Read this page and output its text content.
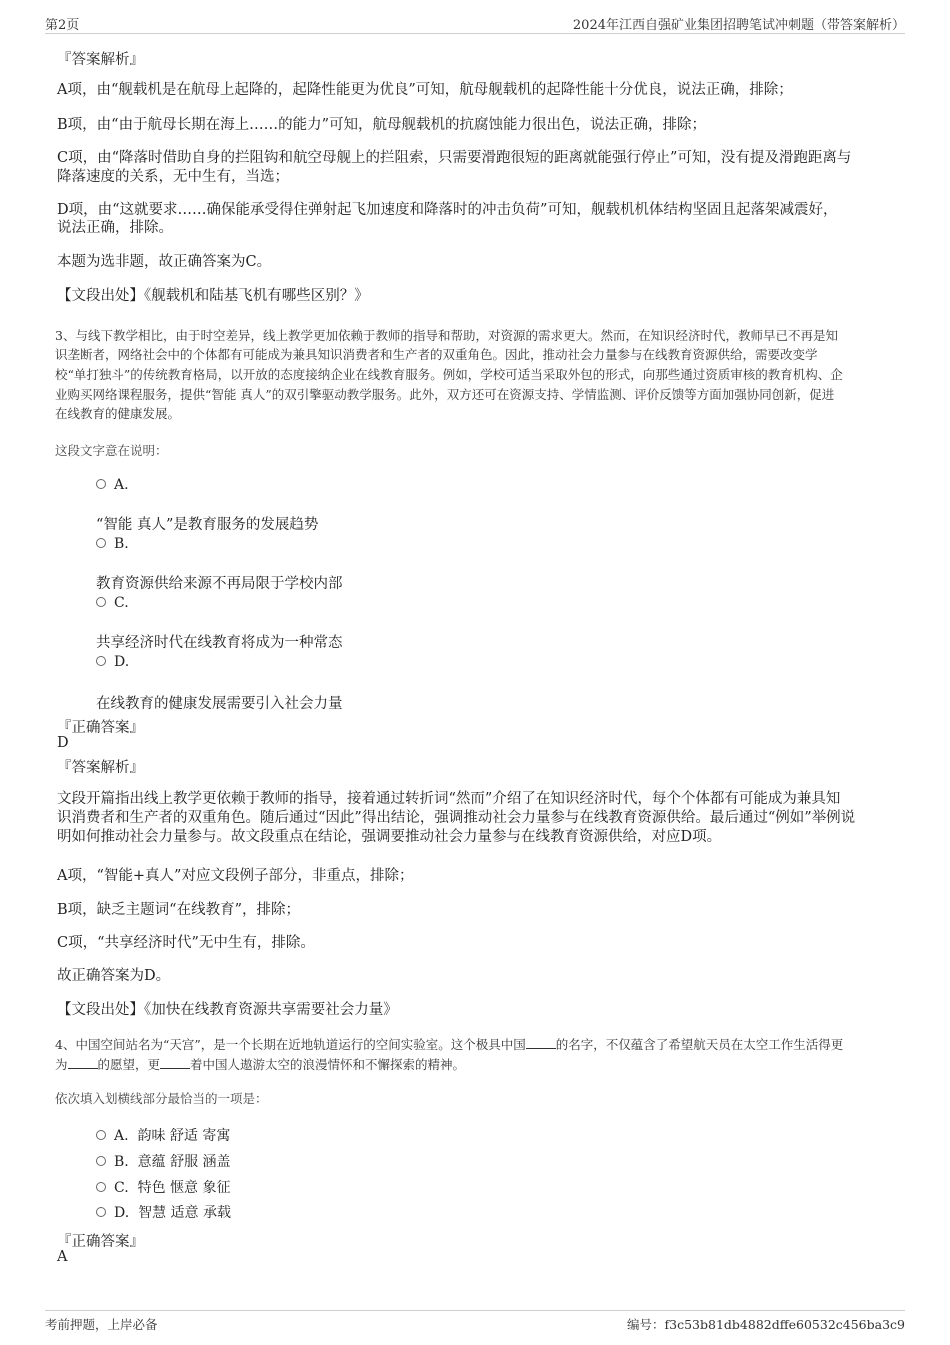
第2页	2024年江西自强矿业集团招聘笔试冲刺题（带答案解析）
『答案解析』
A项，由“舰载机是在航母上起降的，起降性能更为优良”可知，航母舰载机的起降性能十分优良，说法正确，排除；
B项，由“由于航母长期在海上……的能力”可知，航母舰载机的抗腐蚀能力很出色，说法正确，排除；
C项，由“降落时借助自身的拦阻钩和航空母舰上的拦阻索，只需要滑跑很短的距离就能强行停止”可知，没有提及滑跑距离与
降落速度的关系，无中生有，当选；
D项，由“这就要求……确保能承受得住弹射起飞加速度和降落时的冲击负荷”可知，舰载机机体结构坚固且起落架减震好，
说法正确，排除。
本题为选非题，故正确答案为C。
【文段出处】《舰载机和陆基飞机有哪些区别？》
3、与线下教学相比，由于时空差异，线上教学更加依赖于教师的指导和帮助，对资源的需求更大。然而，在知识经济时代，教师早已不再是知
识垄断者，网络社会中的个体都有可能成为兼具知识消费者和生产者的双重角色。因此，推动社会力量参与在线教育资源供给，需要改变学
校“单打独斗”的传统教育格局，以开放的态度接纳企业在线教育服务。例如，学校可适当采取外包的形式，向那些通过资质审核的教育机构、企
业购买网络课程服务，提供“智能 真人”的双引擎驱动教学服务。此外，双方还可在资源支持、学情监测、评价反馈等方面加强协同创新，促进
在线教育的健康发展。
这段文字意在说明：
A.
“智能 真人”是教育服务的发展趋势
B.
教育资源供给来源不再局限于学校内部
C.
共享经济时代在线教育将成为一种常态
D.
在线教育的健康发展需要引入社会力量
『正确答案』
D
『答案解析』
文段开篇指出线上教学更依赖于教师的指导，接着通过转折词“然而”介绍了在知识经济时代，每个个体都有可能成为兼具知
识消费者和生产者的双重角色。随后通过“因此”得出结论，强调推动社会力量参与在线教育资源供给。最后通过“例如”举例说
明如何推动社会力量参与。故文段重点在结论，强调要推动社会力量参与在线教育资源供给，对应D项。
A项，“智能+真人”对应文段例子部分，非重点，排除；
B项，缺乏主题词“在线教育”，排除；
C项，“共享经济时代”无中生有，排除。
故正确答案为D。
【文段出处】《加快在线教育资源共享需要社会力量》
4、中国空间站名为“天宫”，是一个长期在近地轨道运行的空间实验室。这个极具中国 的名字，不仅蕴含了希望航天员在太空工作生活得更
为 的愿望，更 着中国人遨游太空的浪漫情怀和不懈探索的精神。
依次填入划横线部分最恰当的一项是：
A. 韵味 舒适 寄寓
B. 意蕴 舒服 涵盖
C. 特色 惬意 象征
D. 智慧 适意 承载
『正确答案』
A
考前押题，上岸必备	编号：f3c53b81db4882dffe60532c456ba3c9
